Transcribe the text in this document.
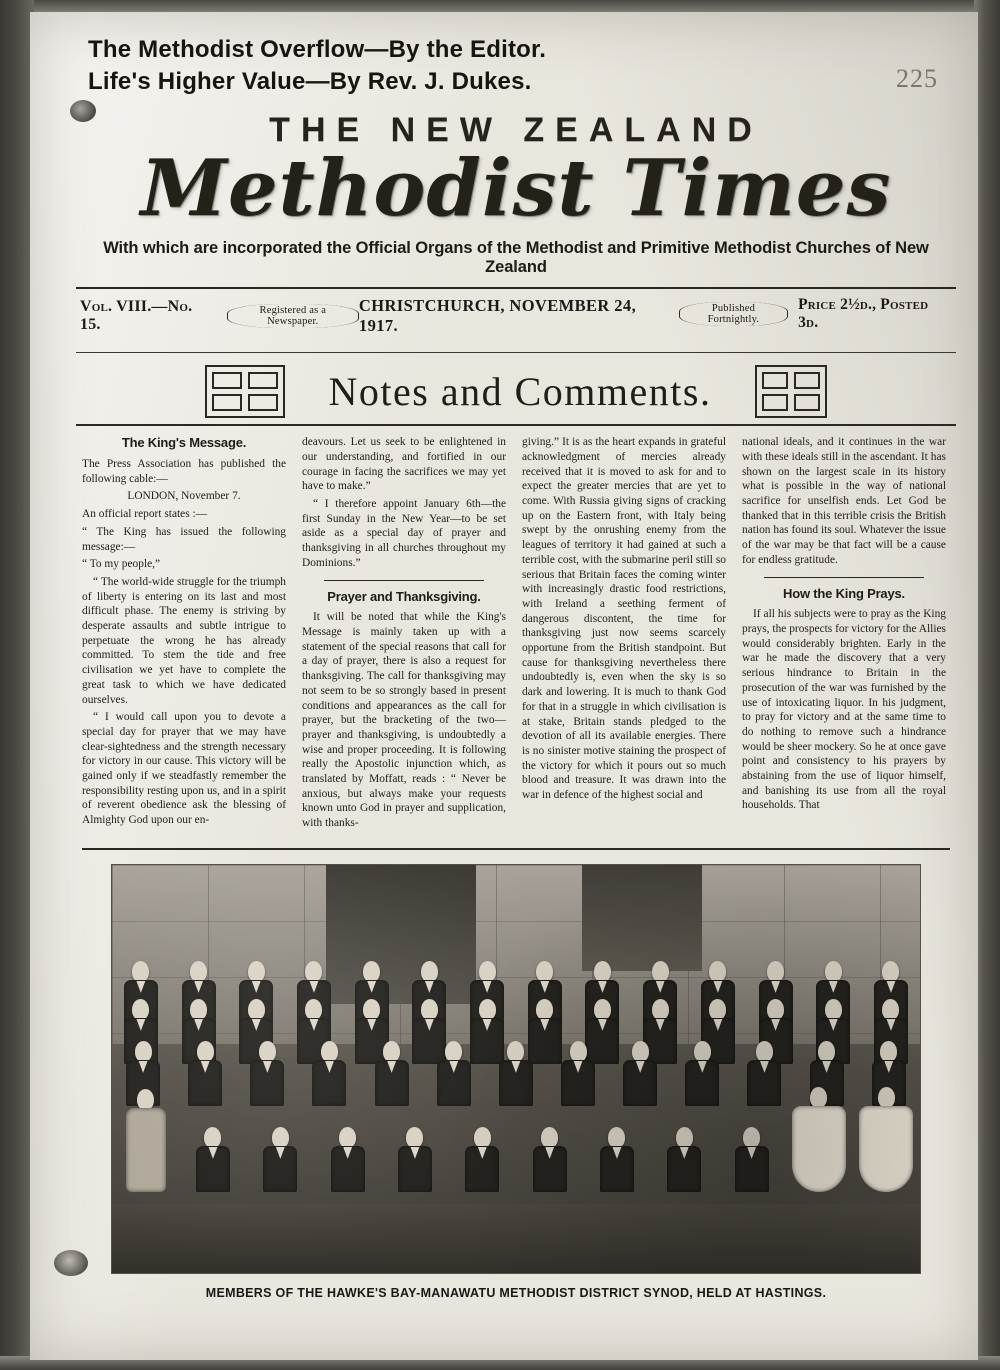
225
The Methodist Overflow—By the Editor.
Life's Higher Value—By Rev. J. Dukes.
THE NEW ZEALAND
Methodist Times
With which are incorporated the Official Organs of the Methodist and Primitive Methodist Churches of New Zealand
Vol. VIII.—No. 15.
Registered as a Newspaper.
CHRISTCHURCH, NOVEMBER 24, 1917.
Published Fortnightly.
Price 2½d., Posted 3d.
Notes and Comments.
The King's Message.

The Press Association has published the following cable:—

LONDON, November 7.

An official report states :—

“ The King has issued the following message:—

“ To my people,”

“ The world-wide struggle for the triumph of liberty is entering on its last and most difficult phase. The enemy is striving by desperate assaults and subtle intrigue to perpetuate the wrong he has already committed. To stem the tide and free civilisation we yet have to complete the great task to which we have dedicated ourselves.

“ I would call upon you to devote a special day for prayer that we may have clear-sightedness and the strength necessary for victory in our cause. This victory will be gained only if we steadfastly remember the responsibility resting upon us, and in a spirit of reverent obedience ask the blessing of Almighty God upon our en-

deavours. Let us seek to be enlightened in our understanding, and fortified in our courage in facing the sacrifices we may yet have to make.”

“ I therefore appoint January 6th—the first Sunday in the New Year—to be set aside as a special day of prayer and thanksgiving in all churches throughout my Dominions.”

Prayer and Thanksgiving.

It will be noted that while the King's Message is mainly taken up with a statement of the special reasons that call for a day of prayer, there is also a request for thanksgiving. The call for thanksgiving may not seem to be so strongly based in present conditions and appearances as the call for prayer, but the bracketing of the two—prayer and thanksgiving, is undoubtedly a wise and proper proceeding. It is following really the Apostolic injunction which, as translated by Moffatt, reads : “ Never be anxious, but always make your requests known unto God in prayer and supplication, with thanks-

giving.” It is as the heart expands in grateful acknowledgment of mercies already received that it is moved to ask for and to expect the greater mercies that are yet to come. With Russia giving signs of cracking up on the Eastern front, with Italy being swept by the onrushing enemy from the leagues of territory it had gained at such a terrible cost, with the submarine peril still so serious that Britain faces the coming winter with increasingly drastic food restrictions, with Ireland a seething ferment of dangerous discontent, the time for thanksgiving just now seems scarcely opportune from the British standpoint. But cause for thanksgiving nevertheless there undoubtedly is, even when the sky is so dark and lowering. It is much to thank God for that in a struggle in which civilisation is at stake, Britain stands pledged to the devotion of all its available energies. There is no sinister motive staining the prospect of the victory for which it pours out so much blood and treasure. It was drawn into the war in defence of the highest social and

national ideals, and it continues in the war with these ideals still in the ascendant. It has shown on the largest scale in its history what is possible in the way of national sacrifice for unselfish ends. Let God be thanked that in this terrible crisis the British nation has found its soul. Whatever the issue of the war may be that fact will be a cause for endless gratitude.

How the King Prays.

If all his subjects were to pray as the King prays, the prospects for victory for the Allies would considerably brighten. Early in the war he made the discovery that a very serious hindrance to Britain in the prosecution of the war was furnished by the use of intoxicating liquor. In his judgment, to pray for victory and at the same time to do nothing to remove such a hindrance would be sheer mockery. So he at once gave point and consistency to his prayers by abstaining from the use of liquor himself, and banishing its use from all the royal households. That

MEMBERS OF THE HAWKE'S BAY-MANAWATU METHODIST DISTRICT SYNOD, HELD AT HASTINGS.
